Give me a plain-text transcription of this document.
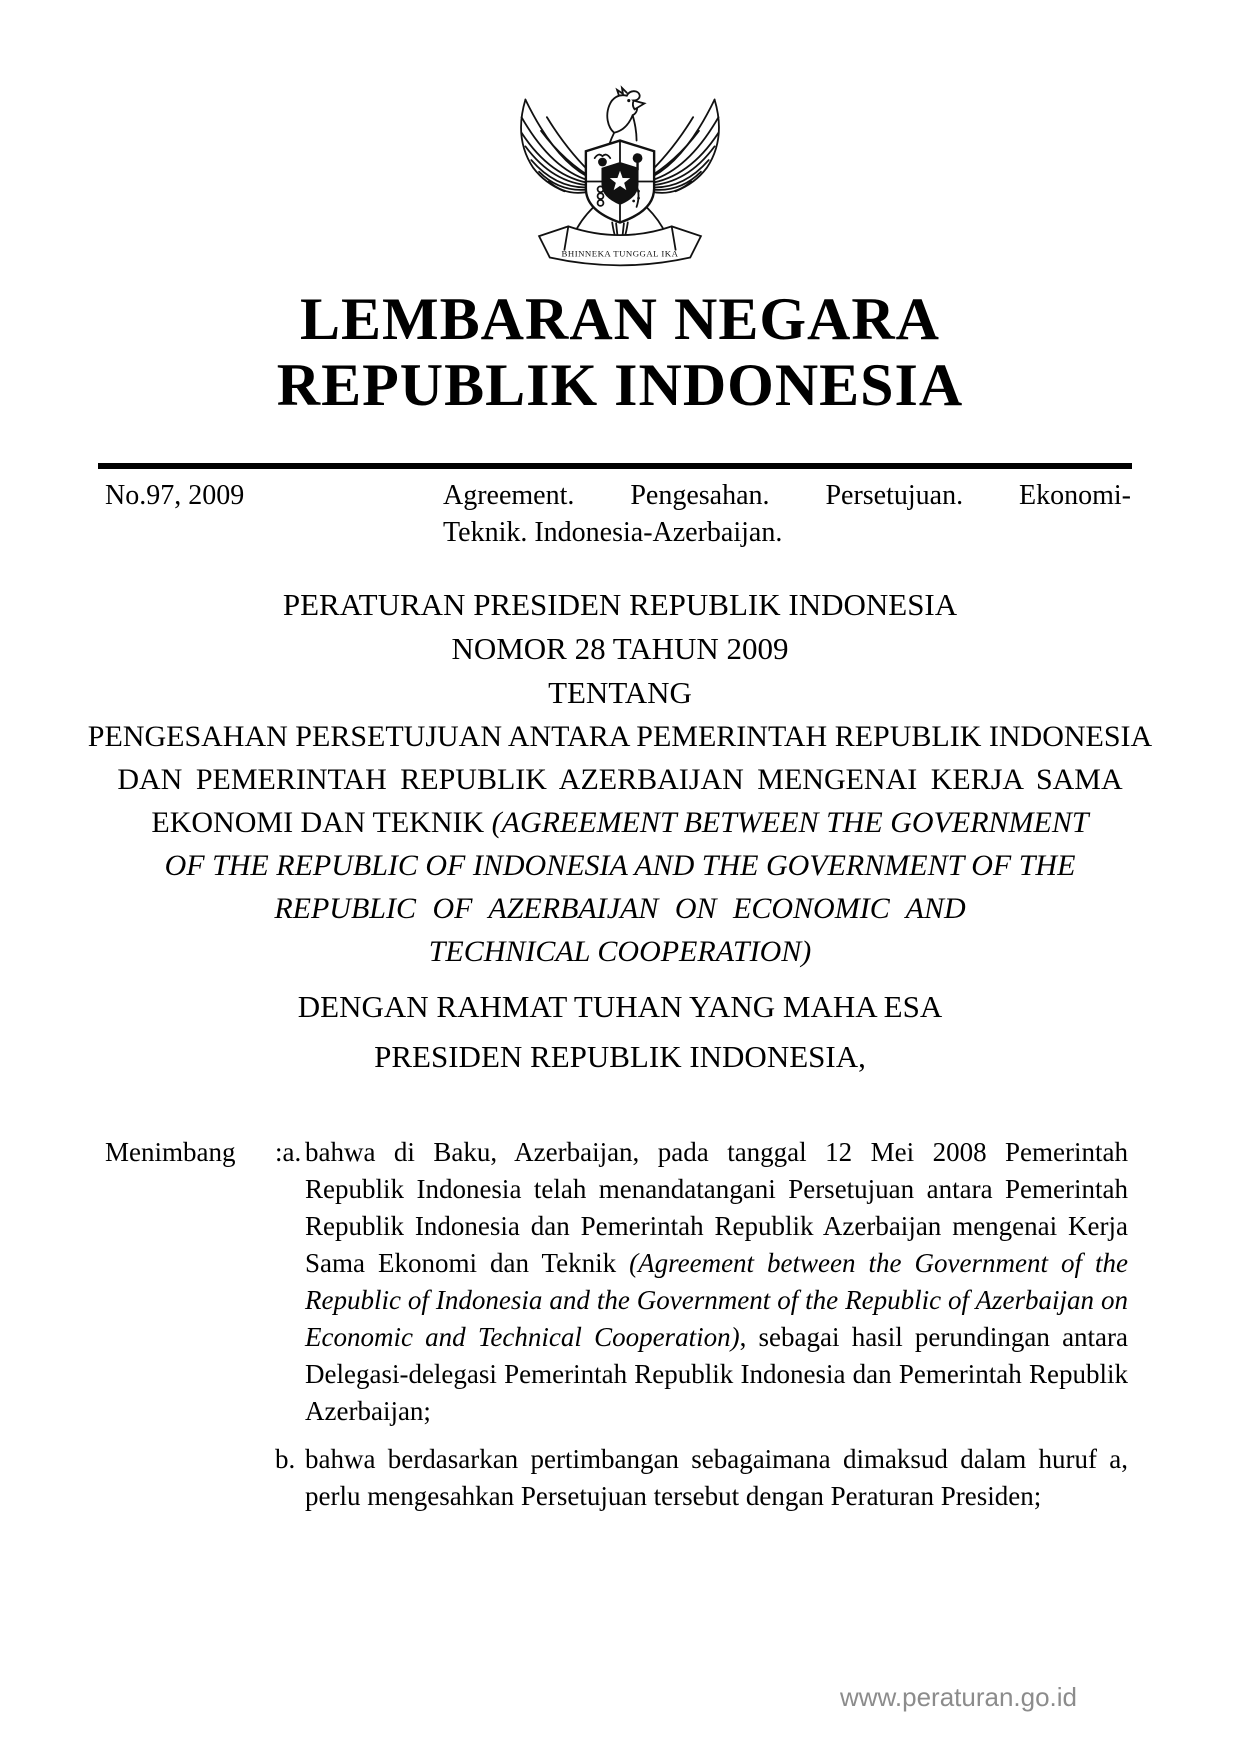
BHINNEKA TUNGGAL IKA
LEMBARAN NEGARA
REPUBLIK INDONESIA
No.97, 2009	Agreement. Pengesahan. Persetujuan. Ekonomi-
Teknik. Indonesia-Azerbaijan.
PERATURAN PRESIDEN REPUBLIK INDONESIA
NOMOR 28 TAHUN 2009
TENTANG
PENGESAHAN PERSETUJUAN ANTARA PEMERINTAH REPUBLIK INDONESIA
DAN PEMERINTAH REPUBLIK AZERBAIJAN MENGENAI KERJA SAMA
EKONOMI DAN TEKNIK (AGREEMENT BETWEEN THE GOVERNMENT
OF THE REPUBLIC OF INDONESIA AND THE GOVERNMENT OF THE
REPUBLIC OF AZERBAIJAN ON ECONOMIC AND
TECHNICAL COOPERATION)
DENGAN RAHMAT TUHAN YANG MAHA ESA
PRESIDEN REPUBLIK INDONESIA,
Menimbang	:a. bahwa di Baku, Azerbaijan, pada tanggal 12 Mei 2008 Pemerintah Republik Indonesia telah menandatangani Persetujuan antara Pemerintah Republik Indonesia dan Pemerintah Republik Azerbaijan mengenai Kerja Sama Ekonomi dan Teknik (Agreement between the Government of the Republic of Indonesia and the Government of the Republic of Azerbaijan on Economic and Technical Cooperation), sebagai hasil perundingan antara Delegasi-delegasi Pemerintah Republik Indonesia dan Pemerintah Republik Azerbaijan;
b. bahwa berdasarkan pertimbangan sebagaimana dimaksud dalam huruf a, perlu mengesahkan Persetujuan tersebut dengan Peraturan Presiden;
www.peraturan.go.id
